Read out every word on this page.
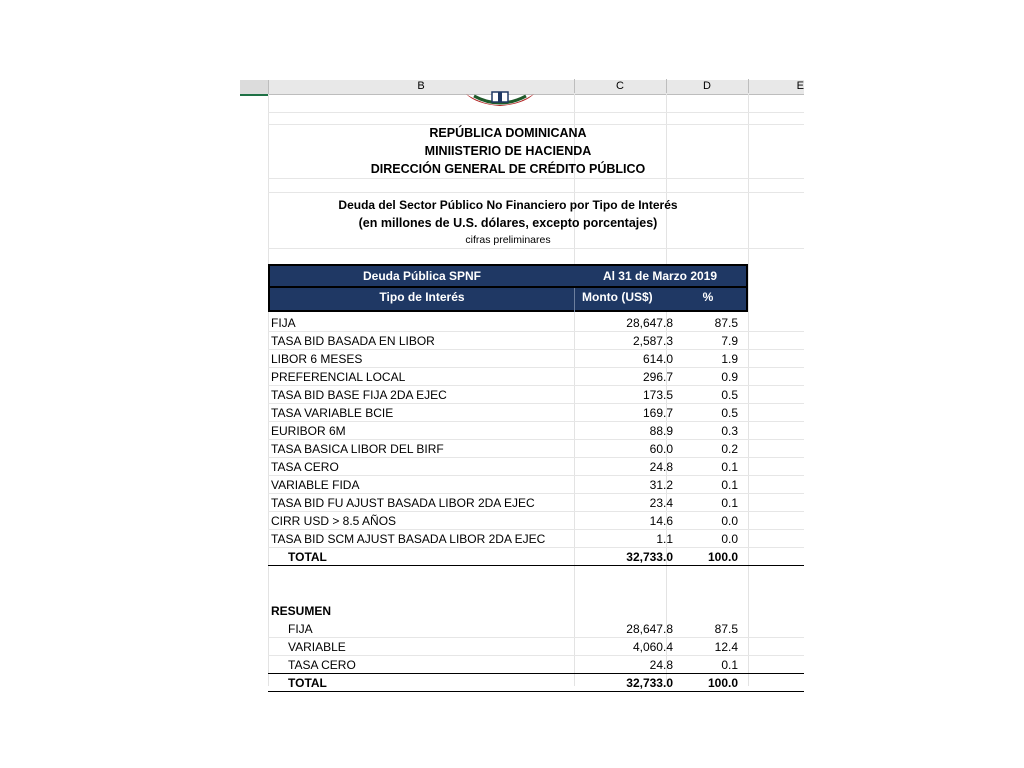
B	C	D	E
REPÚBLICA DOMINICANA
MINIISTERIO DE HACIENDA
DIRECCIÓN GENERAL DE CRÉDITO PÚBLICO
Deuda del Sector Público No Financiero por Tipo de Interés
(en millones de U.S. dólares, excepto porcentajes)
cifras preliminares
Deuda Pública SPNF	Al 31 de Marzo 2019
Tipo de Interés	Monto (US$)	%
FIJA	28,647.8	87.5
TASA BID BASADA EN LIBOR	2,587.3	7.9
LIBOR 6 MESES	614.0	1.9
PREFERENCIAL LOCAL	296.7	0.9
TASA BID BASE FIJA 2DA EJEC	173.5	0.5
TASA VARIABLE BCIE	169.7	0.5
EURIBOR 6M	88.9	0.3
TASA BASICA LIBOR DEL BIRF	60.0	0.2
TASA CERO	24.8	0.1
VARIABLE FIDA	31.2	0.1
TASA BID FU AJUST BASADA LIBOR 2DA EJEC	23.4	0.1
CIRR USD > 8.5 AÑOS	14.6	0.0
TASA BID SCM AJUST BASADA LIBOR 2DA EJEC	1.1	0.0
TOTAL	32,733.0	100.0
RESUMEN
FIJA	28,647.8	87.5
VARIABLE	4,060.4	12.4
TASA CERO	24.8	0.1
TOTAL	32,733.0	100.0
